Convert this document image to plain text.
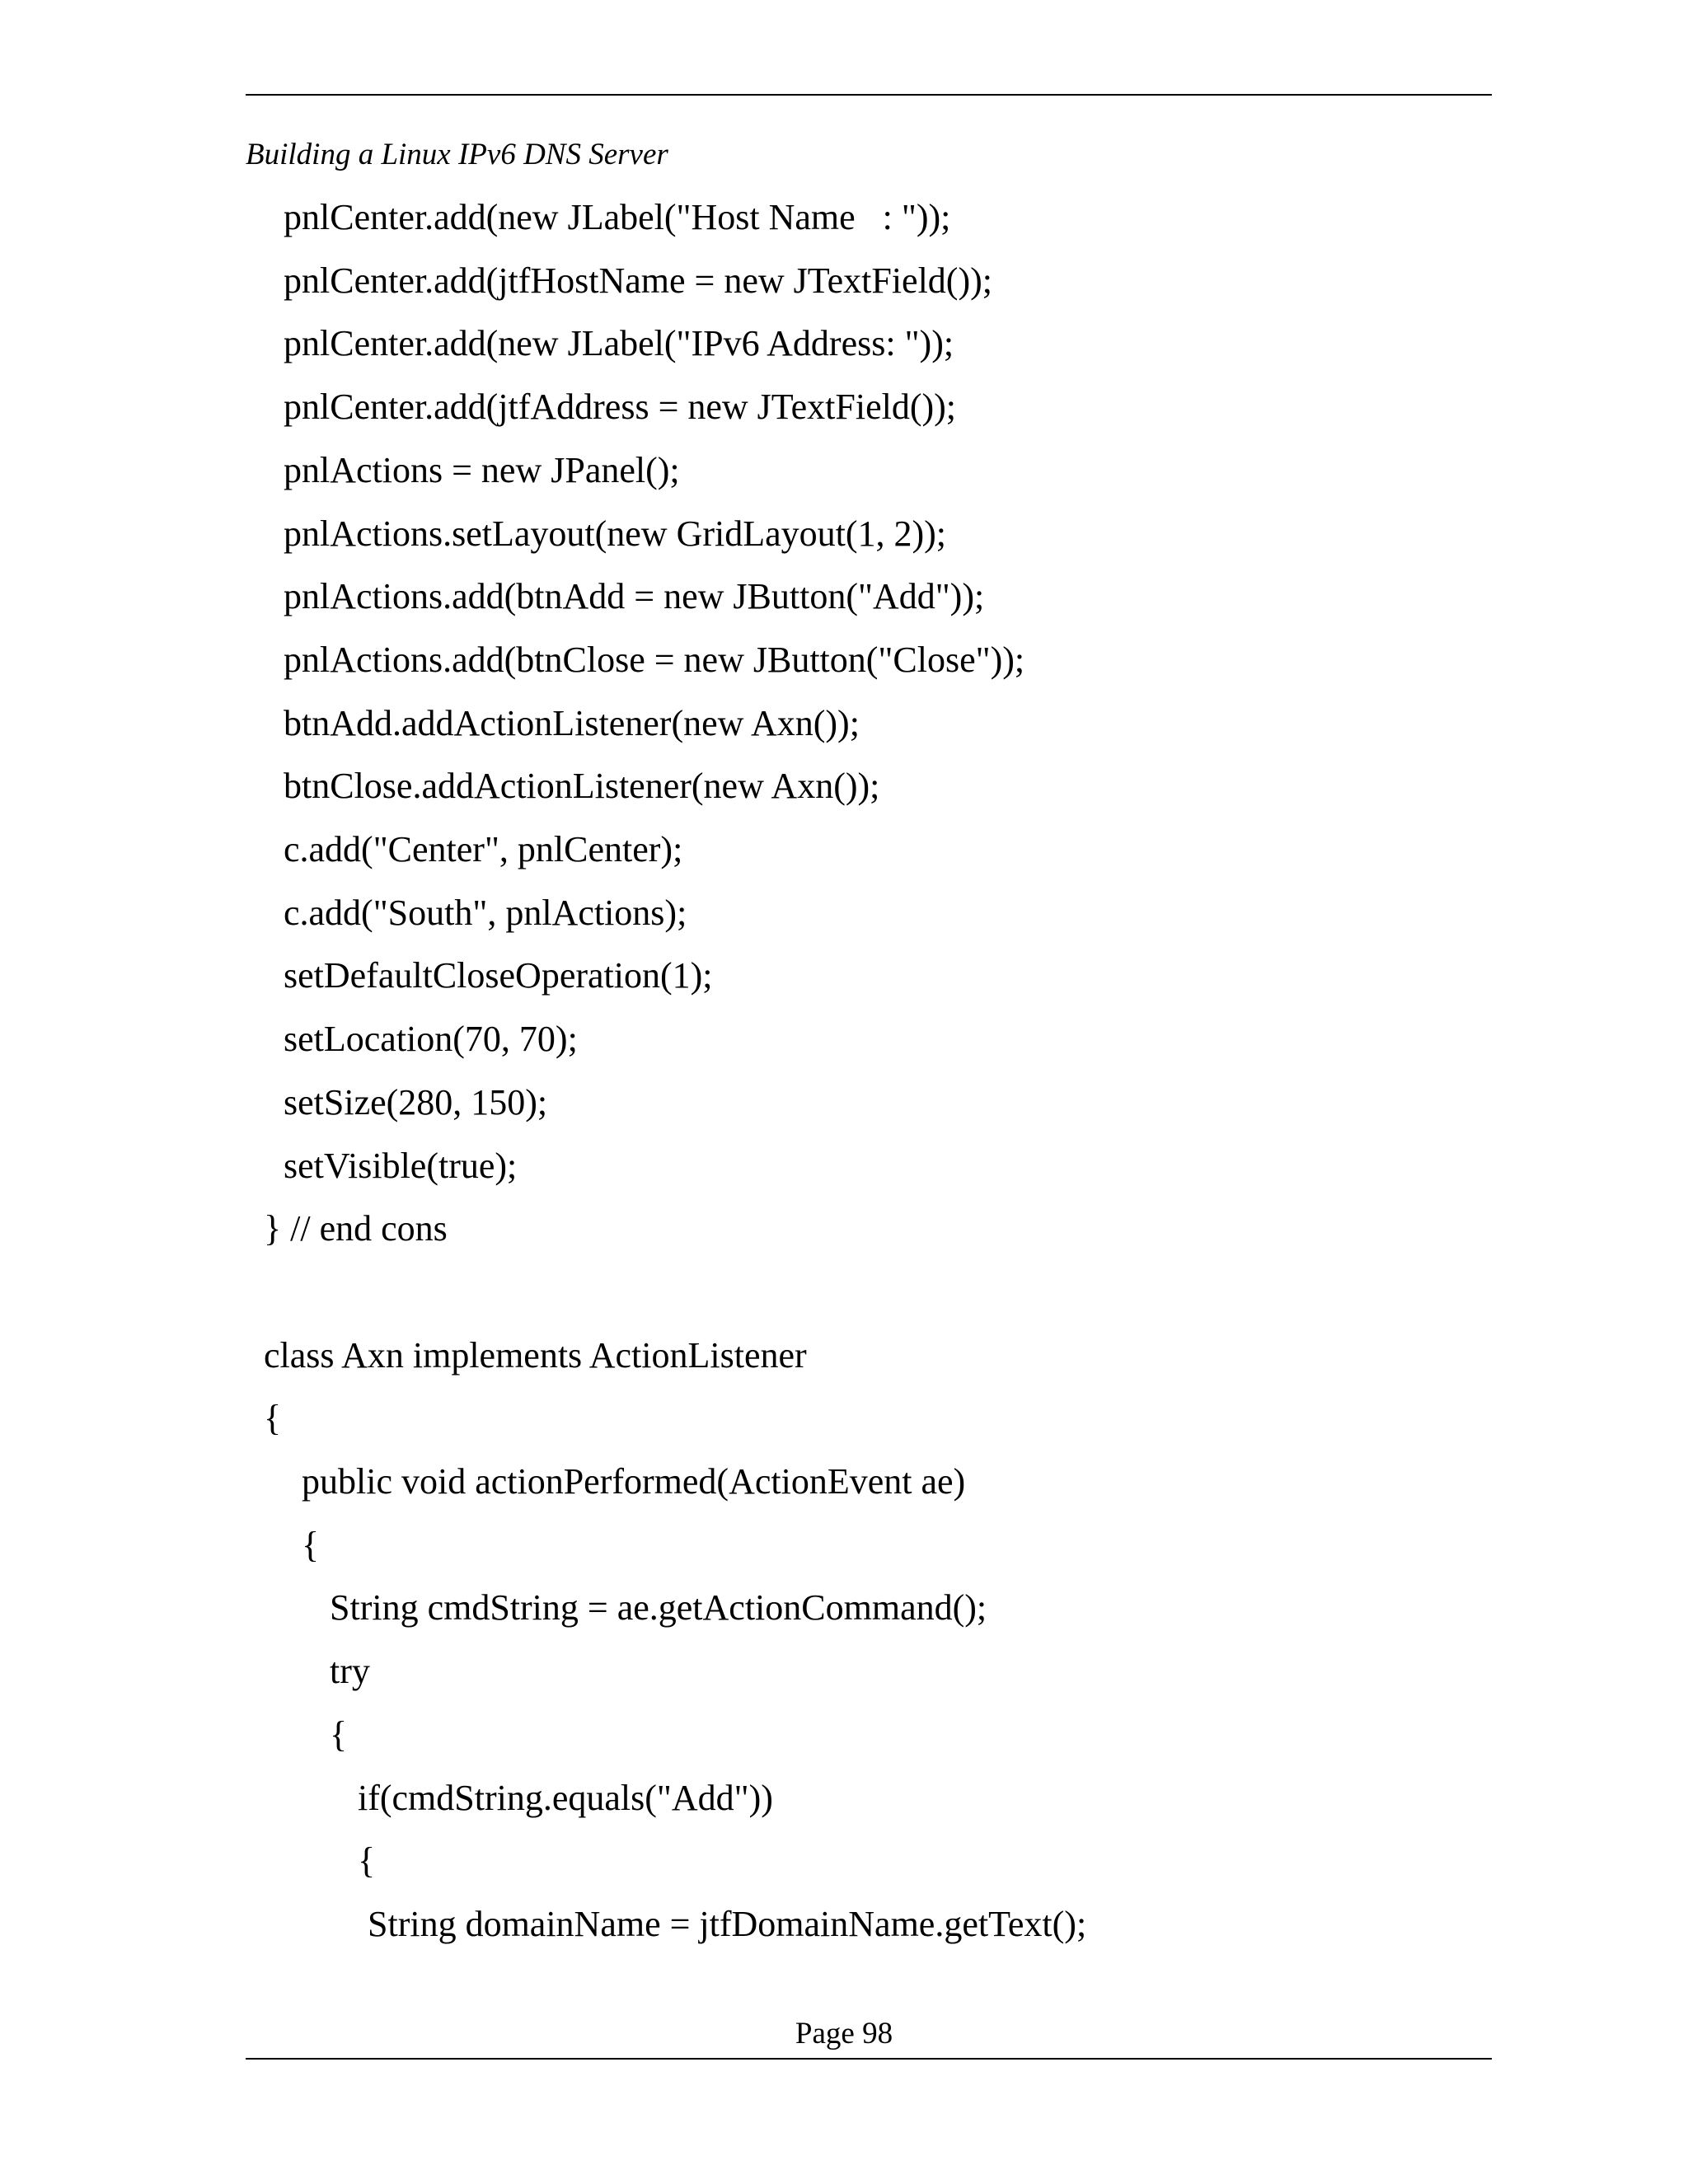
Building a Linux IPv6 DNS Server
pnlCenter.add(new JLabel("Host Name   : "));
pnlCenter.add(jtfHostName = new JTextField());
pnlCenter.add(new JLabel("IPv6 Address: "));
pnlCenter.add(jtfAddress = new JTextField());
pnlActions = new JPanel();
pnlActions.setLayout(new GridLayout(1, 2));
pnlActions.add(btnAdd = new JButton("Add"));
pnlActions.add(btnClose = new JButton("Close"));
btnAdd.addActionListener(new Axn());
btnClose.addActionListener(new Axn());
c.add("Center", pnlCenter);
c.add("South", pnlActions);
setDefaultCloseOperation(1);
setLocation(70, 70);
setSize(280, 150);
setVisible(true);
} // end cons
class Axn implements ActionListener
{
public void actionPerformed(ActionEvent ae)
{
String cmdString = ae.getActionCommand();
try
{
if(cmdString.equals("Add"))
{
String domainName = jtfDomainName.getText();
Page 98
